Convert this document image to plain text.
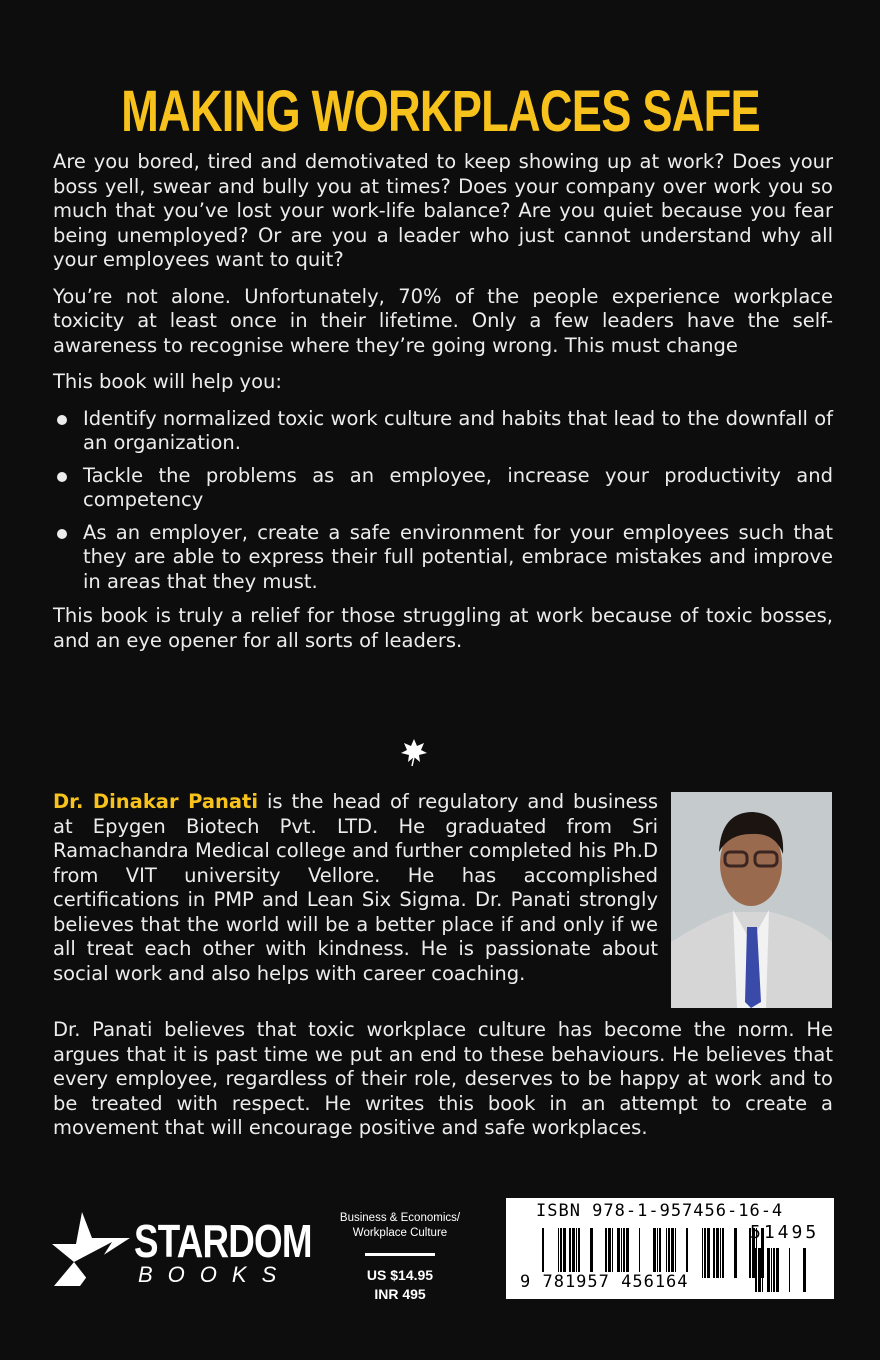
MAKING WORKPLACES SAFE

Are you bored, tired and demotivated to keep showing up at work? Does your boss yell, swear and bully you at times? Does your company over work you so much that you’ve lost your work-life balance? Are you quiet because you fear being unemployed? Or are you a leader who just cannot understand why all your employees want to quit?

You’re not alone. Unfortunately, 70% of the people experience workplace toxicity at least once in their lifetime. Only a few leaders have the self-awareness to recognise where they’re going wrong. This must change

This book will help you:

Identify normalized toxic work culture and habits that lead to the downfall of an organization.
Tackle the problems as an employee, increase your productivity and competency
As an employer, create a safe environment for your employees such that they are able to express their full potential, embrace mistakes and improve in areas that they must.

This book is truly a relief for those struggling at work because of toxic bosses, and an eye opener for all sorts of leaders.

Dr. Dinakar Panati is the head of regulatory and business at Epygen Biotech Pvt. LTD. He graduated from Sri Ramachandra Medical college and further completed his Ph.D from VIT university Vellore. He has accomplished certifications in PMP and Lean Six Sigma. Dr. Panati strongly believes that the world will be a better place if and only if we all treat each other with kindness. He is passionate about social work and also helps with career coaching.

Dr. Panati believes that toxic workplace culture has become the norm. He argues that it is past time we put an end to these behaviours. He believes that every employee, regardless of their role, deserves to be happy at work and to be treated with respect. He writes this book in an attempt to create a movement that will encourage positive and safe workplaces.

STARDOM
BOOKS
Business & Economics/
Workplace Culture
US $14.95
INR 495
ISBN 978-1-957456-16-4
51495
9 781957 456164
